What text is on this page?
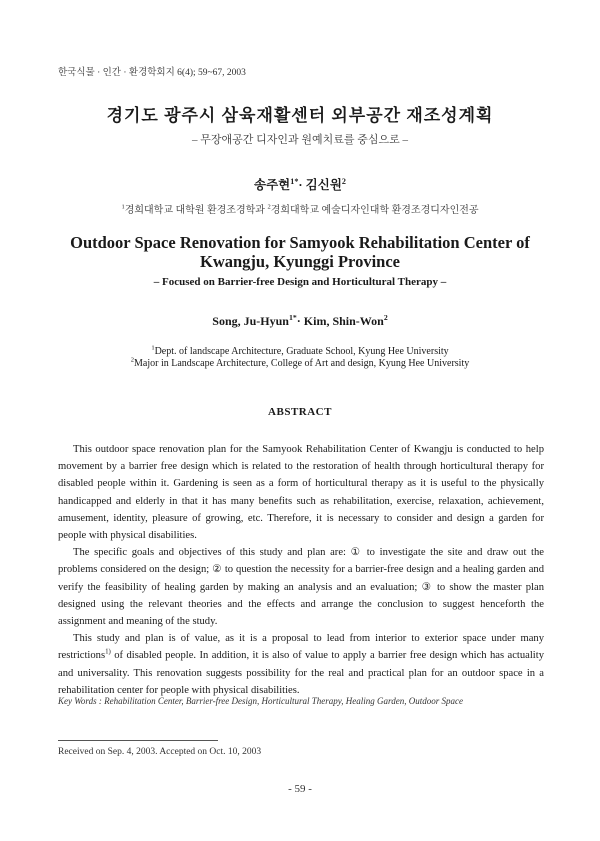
한국식물 · 인간 · 환경학회지 6(4); 59~67, 2003
경기도 광주시 삼육재활센터 외부공간 재조성계획
– 무장애공간 디자인과 원예치료를 중심으로 –
송주현$^{1*}$· 김신원$^2$
$^1$경희대학교 대학원 환경조경학과 $^2$경희대학교 예술디자인대학 환경조경디자인전공
Outdoor Space Renovation for Samyook Rehabilitation Center of Kwangju, Kyunggi Province
– Focused on Barrier-free Design and Horticultural Therapy –
Song, Ju-Hyun$^{1*}$· Kim, Shin-Won$^2$
$^1$Dept. of landscape Architecture, Graduate School, Kyung Hee University
$^2$Major in Landscape Architecture, College of Art and design, Kyung Hee University
ABSTRACT

This outdoor space renovation plan for the Samyook Rehabilitation Center of Kwangju is conducted to help movement by a barrier free design which is related to the restoration of health through horticultural therapy for disabled people within it. Gardening is seen as a form of horticultural therapy as it is useful to the physically handicapped and elderly in that it has many benefits such as rehabilitation, exercise, relaxation, achievement, amusement, identity, pleasure of growing, etc. Therefore, it is necessary to consider and design a garden for people with physical disabilities.

The specific goals and objectives of this study and plan are: ① to investigate the site and draw out the problems considered on the design; ② to question the necessity for a barrier-free design and a healing garden and verify the feasibility of healing garden by making an analysis and an evaluation; ③ to show the master plan designed using the relevant theories and the effects and arrange the conclusion to suggest henceforth the assignment and meaning of the study.

This study and plan is of value, as it is a proposal to lead from interior to exterior space under many restrictions$^{1)}$ of disabled people. In addition, it is also of value to apply a barrier free design which has actuality and universality. This renovation suggests possibility for the real and practical plan for an outdoor space in a rehabilitation center for people with physical disabilities.

Key Words : Rehabilitation Center, Barrier-free Design, Horticultural Therapy, Healing Garden, Outdoor Space
Received on Sep. 4, 2003. Accepted on Oct. 10, 2003
- 59 -
